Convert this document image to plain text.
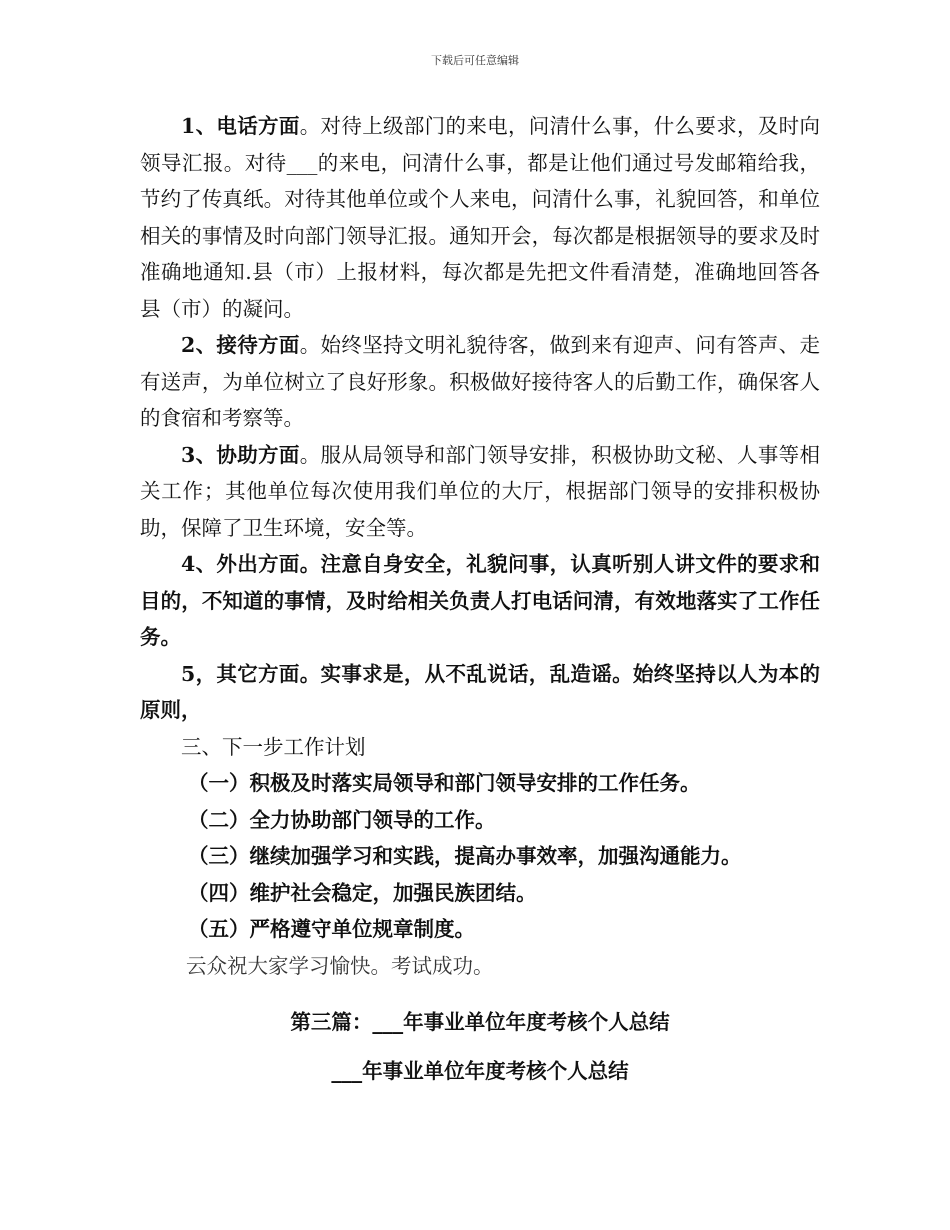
下载后可任意编辑

1、电话方面。对待上级部门的来电，问清什么事，什么要求，及时向领导汇报。对待___的来电，问清什么事，都是让他们通过号发邮箱给我，节约了传真纸。对待其他单位或个人来电，问清什么事，礼貌回答，和单位相关的事情及时向部门领导汇报。通知开会，每次都是根据领导的要求及时准确地通知.县（市）上报材料，每次都是先把文件看清楚，准确地回答各县（市）的凝问。

2、接待方面。始终坚持文明礼貌待客，做到来有迎声、问有答声、走有送声，为单位树立了良好形象。积极做好接待客人的后勤工作，确保客人的食宿和考察等。

3、协助方面。服从局领导和部门领导安排，积极协助文秘、人事等相关工作；其他单位每次使用我们单位的大厅，根据部门领导的安排积极协助，保障了卫生环境，安全等。

4、外出方面。注意自身安全，礼貌问事，认真听别人讲文件的要求和目的，不知道的事情，及时给相关负责人打电话问清，有效地落实了工作任务。

5，其它方面。实事求是，从不乱说话，乱造谣。始终坚持以人为本的原则，

三、下一步工作计划

（一）积极及时落实局领导和部门领导安排的工作任务。

（二）全力协助部门领导的工作。

（三）继续加强学习和实践，提高办事效率，加强沟通能力。

（四）维护社会稳定，加强民族团结。

（五）严格遵守单位规章制度。

云众祝大家学习愉快。考试成功。

第三篇：___年事业单位年度考核个人总结

___年事业单位年度考核个人总结
